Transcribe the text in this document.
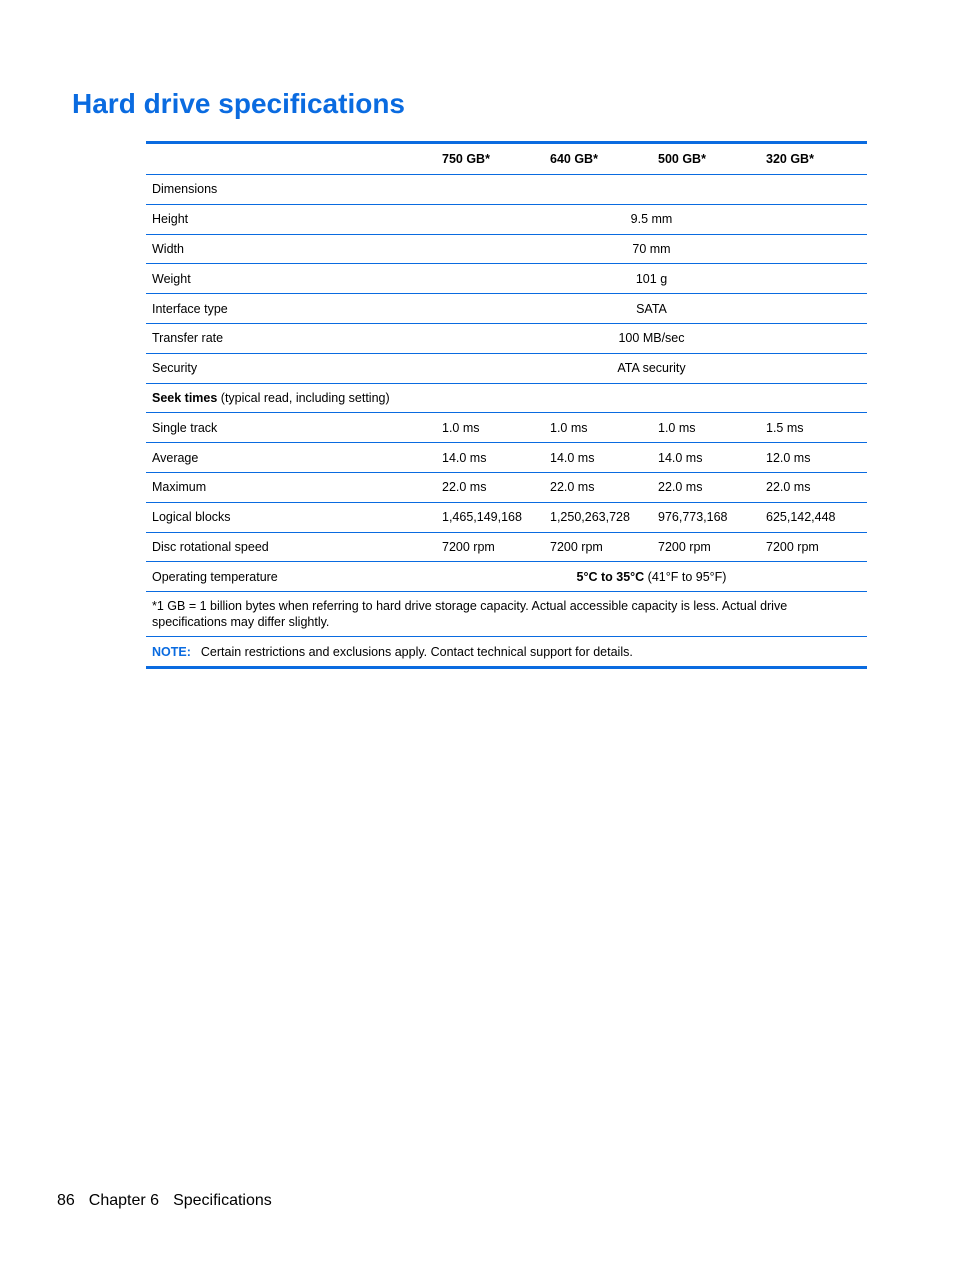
Hard drive specifications
	750 GB*	640 GB*	500 GB*	320 GB*
Dimensions				
Height	9.5 mm			
Width	70 mm			
Weight	101 g			
Interface type	SATA			
Transfer rate	100 MB/sec			
Security	ATA security			
Seek times (typical read, including setting)				
Single track	1.0 ms	1.0 ms	1.0 ms	1.5 ms
Average	14.0 ms	14.0 ms	14.0 ms	12.0 ms
Maximum	22.0 ms	22.0 ms	22.0 ms	22.0 ms
Logical blocks	1,465,149,168	1,250,263,728	976,773,168	625,142,448
Disc rotational speed	7200 rpm	7200 rpm	7200 rpm	7200 rpm
Operating temperature	5°C to 35°C (41°F to 95°F)			
*1 GB = 1 billion bytes when referring to hard drive storage capacity. Actual accessible capacity is less. Actual drive specifications may differ slightly.				
NOTE: Certain restrictions and exclusions apply. Contact technical support for details.				
86 Chapter 6 Specifications
